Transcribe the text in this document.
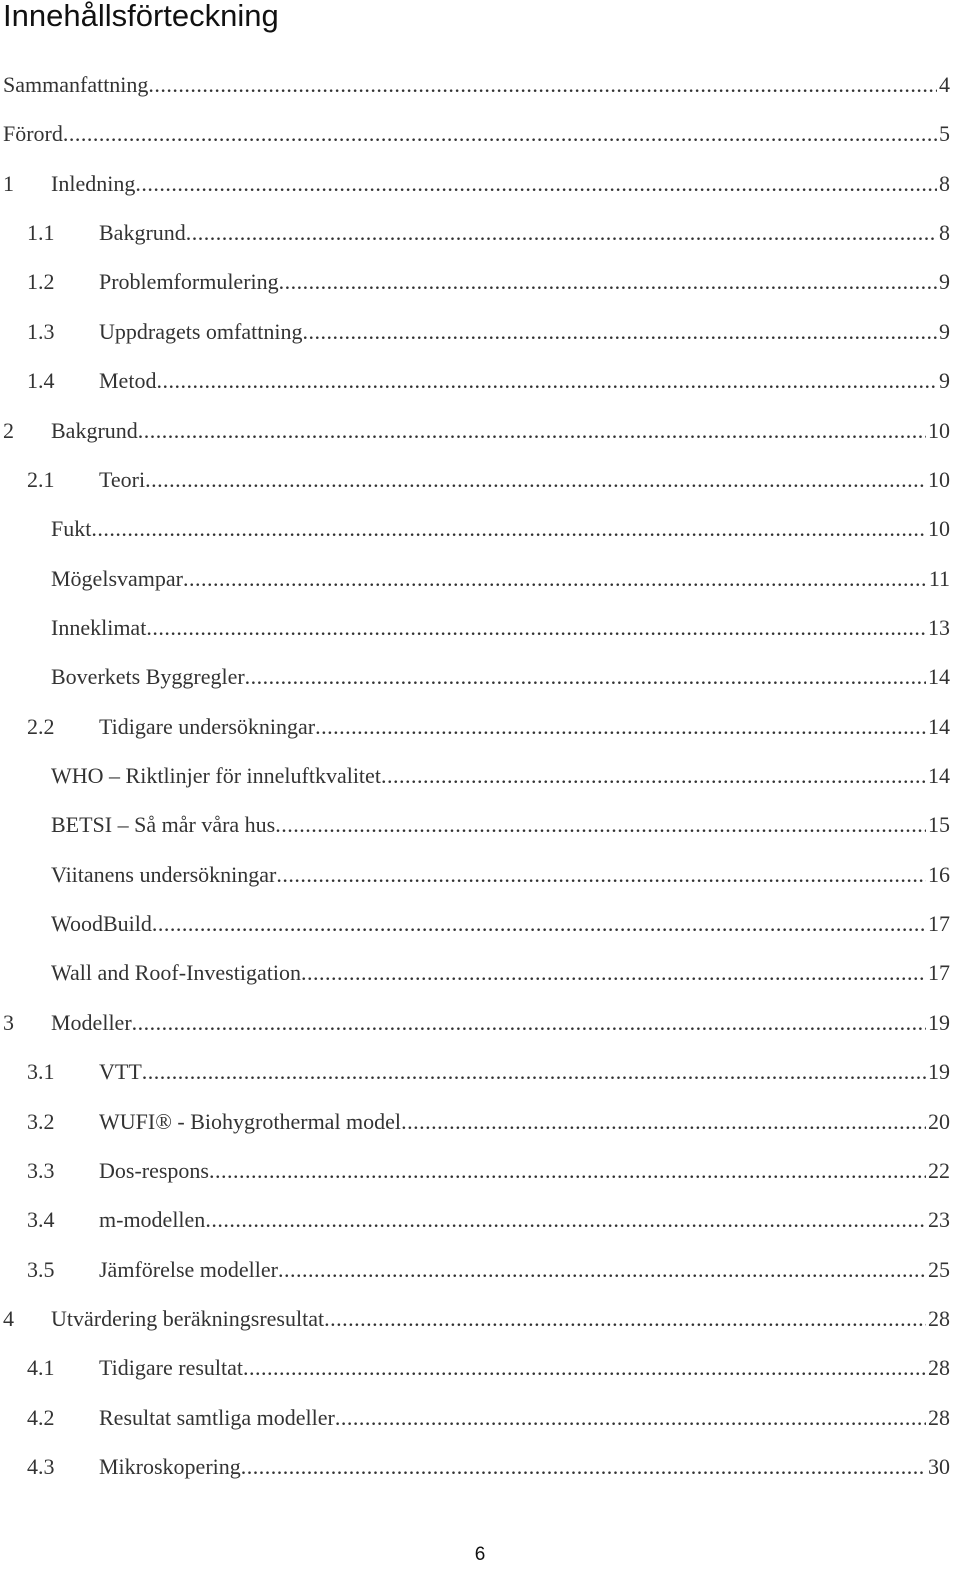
Innehållsförteckning
Sammanfattning .....	4
Förord .....	5
1 Inledning .....	8
1.1 Bakgrund .....	8
1.2 Problemformulering .....	9
1.3 Uppdragets omfattning .....	9
1.4 Metod .....	9
2 Bakgrund .....	10
2.1 Teori .....	10
Fukt .....	10
Mögelsvampar .....	11
Inneklimat .....	13
Boverkets Byggregler .....	14
2.2 Tidigare undersökningar .....	14
WHO – Riktlinjer för inneluftkvalitet .....	14
BETSI – Så mår våra hus .....	15
Viitanens undersökningar .....	16
WoodBuild .....	17
Wall and Roof-Investigation .....	17
3 Modeller .....	19
3.1 VTT .....	19
3.2 WUFI® - Biohygrothermal model .....	20
3.3 Dos-respons .....	22
3.4 m-modellen .....	23
3.5 Jämförelse modeller .....	25
4 Utvärdering beräkningsresultat .....	28
4.1 Tidigare resultat .....	28
4.2 Resultat samtliga modeller .....	28
4.3 Mikroskopering .....	30
6
